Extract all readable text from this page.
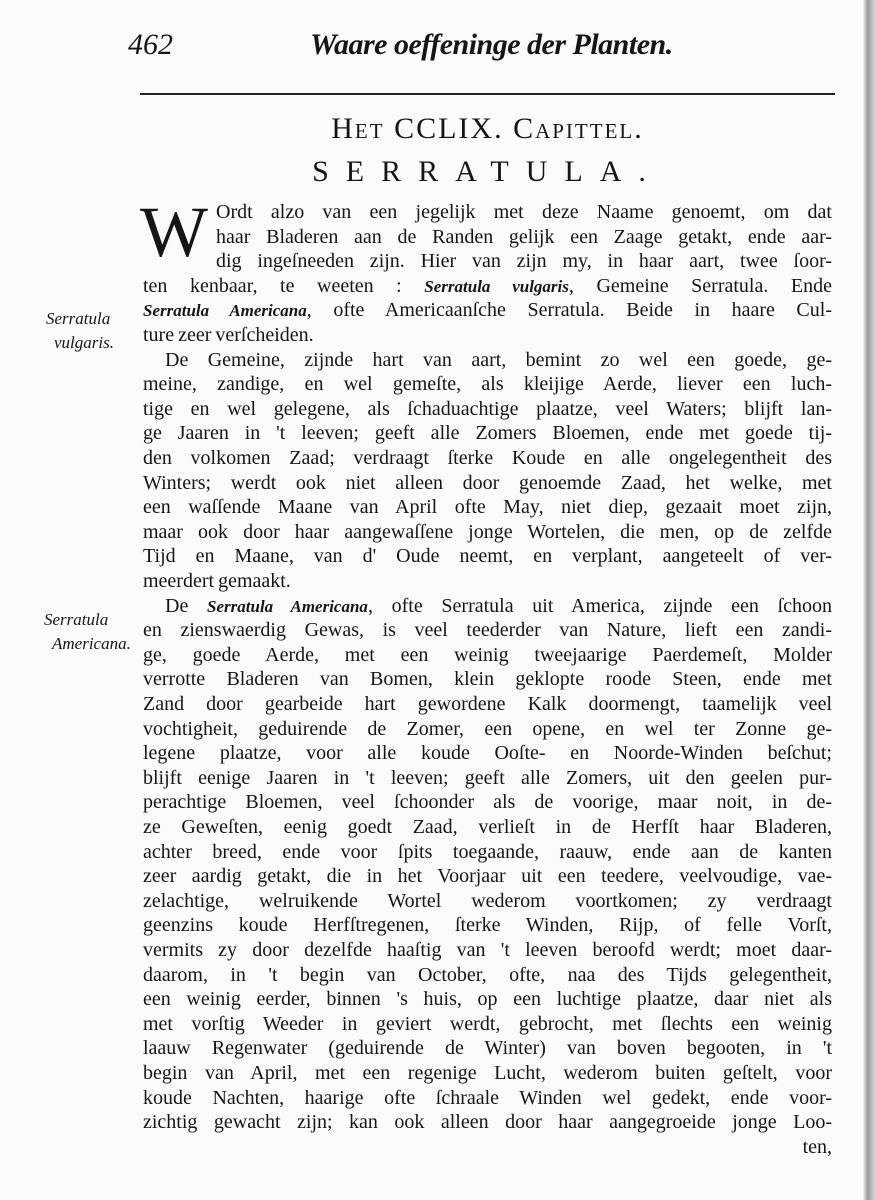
462	Waare oeffeninge der Planten.
Het CCLIX. Capittel.
SERRATULA.
W Ordt alzo van een jegelijk met deze Naame genoemt, om dat
haar Bladeren aan de Randen gelijk een Zaage getakt, ende aar-
dig ingeſneeden zijn. Hier van zijn my, in haar aart, twee ſoor-
ten kenbaar, te weeten : Serratula vulgaris, Gemeine Serratula. Ende
Serratula Americana, ofte Americaanſche Serratula. Beide in haare Cul-
ture zeer verſcheiden.
De Gemeine, zijnde hart van aart, bemint zo wel een goede, ge-
meine, zandige, en wel gemeſte, als kleijige Aerde, liever een luch-
tige en wel gelegene, als ſchaduachtige plaatze, veel Waters; blijft lan-
ge Jaaren in 't leeven; geeft alle Zomers Bloemen, ende met goede tij-
den volkomen Zaad; verdraagt ſterke Koude en alle ongelegentheit des
Winters; werdt ook niet alleen door genoemde Zaad, het welke, met
een waſſende Maane van April ofte May, niet diep, gezaait moet zijn,
maar ook door haar aangewaſſene jonge Wortelen, die men, op de zelfde
Tijd en Maane, van d' Oude neemt, en verplant, aangeteelt of ver-
meerdert gemaakt.
De Serratula Americana, ofte Serratula uit America, zijnde een ſchoon
en zienswaerdig Gewas, is veel teederder van Nature, lieft een zandi-
ge, goede Aerde, met een weinig tweejaarige Paerdemeſt, Molder
verrotte Bladeren van Bomen, klein geklopte roode Steen, ende met
Zand door gearbeide hart gewordene Kalk doormengt, taamelijk veel
vochtigheit, geduirende de Zomer, een opene, en wel ter Zonne ge-
legene plaatze, voor alle koude Ooſte- en Noorde-Winden beſchut;
blijft eenige Jaaren in 't leeven; geeft alle Zomers, uit den geelen pur-
perachtige Bloemen, veel ſchoonder als de voorige, maar noit, in de-
ze Geweſten, eenig goedt Zaad, verlieſt in de Herfſt haar Bladeren,
achter breed, ende voor ſpits toegaande, raauw, ende aan de kanten
zeer aardig getakt, die in het Voorjaar uit een teedere, veelvoudige, vae-
zelachtige, welruikende Wortel wederom voortkomen; zy verdraagt
geenzins koude Herfſtregenen, ſterke Winden, Rijp, of felle Vorſt,
vermits zy door dezelfde haaſtig van 't leeven beroofd werdt; moet daar-
daarom, in 't begin van October, ofte, naa des Tijds gelegentheit,
een weinig eerder, binnen 's huis, op een luchtige plaatze, daar niet als
met vorſtig Weeder in geviert werdt, gebrocht, met ſlechts een weinig
laauw Regenwater (geduirende de Winter) van boven begooten, in 't
begin van April, met een regenige Lucht, wederom buiten geſtelt, voor
koude Nachten, haarige ofte ſchraale Winden wel gedekt, ende voor-
zichtig gewacht zijn; kan ook alleen door haar aangegroeide jonge Loo-
ten,
Serratula
vulgaris.
Serratula
Americana.
